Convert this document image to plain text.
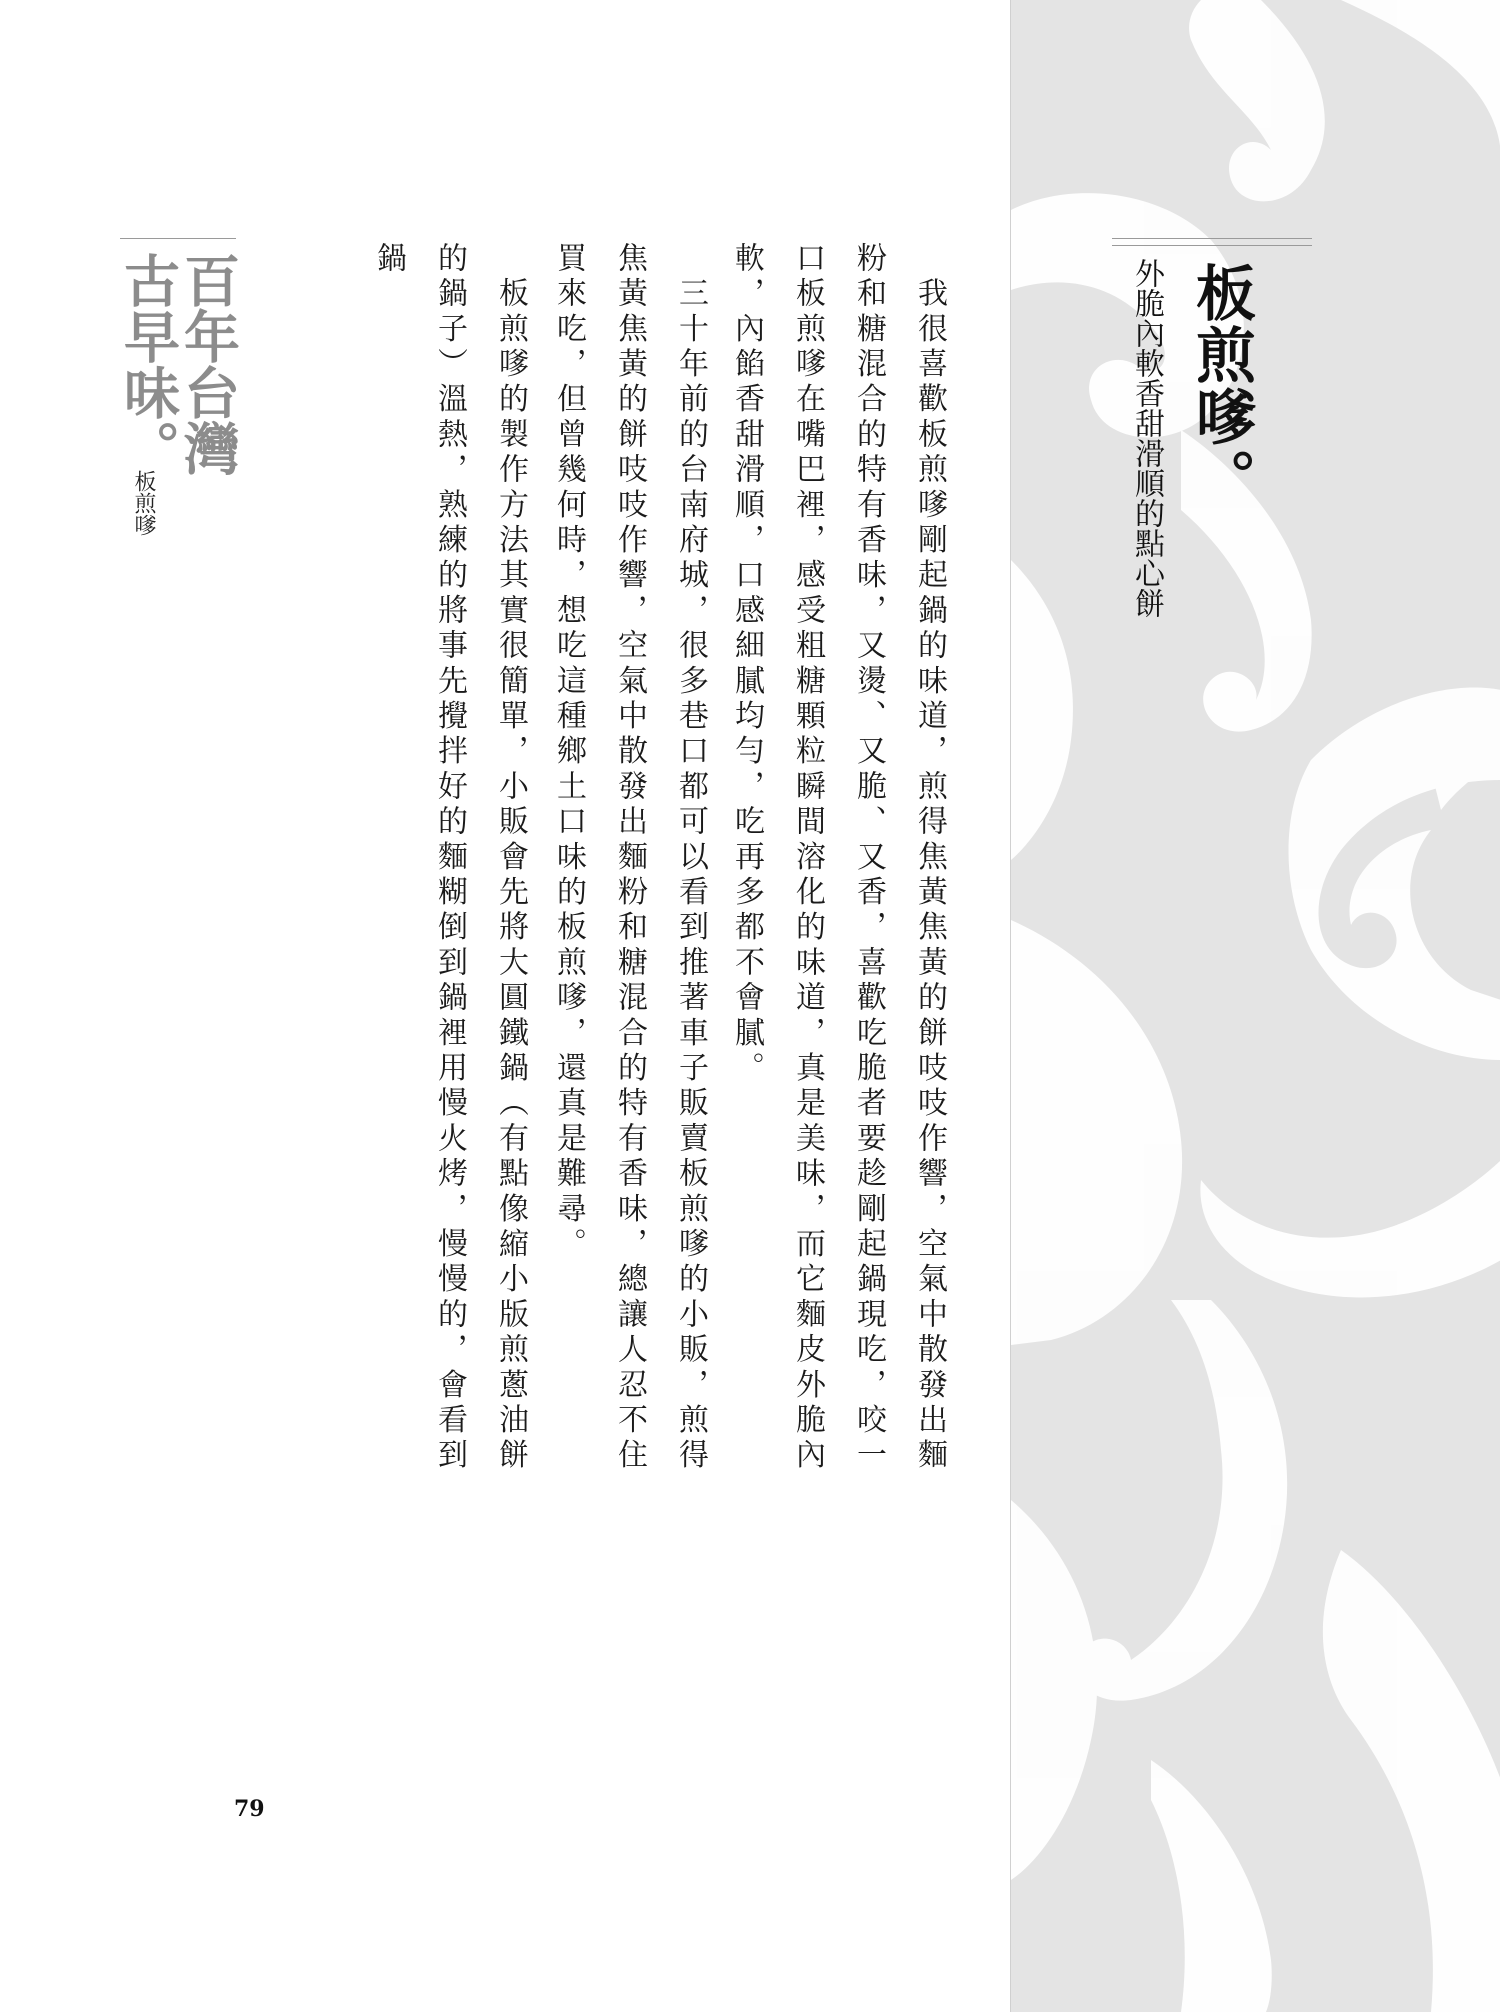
板煎嗲。
外脆內軟香甜滑順的點心餅
　我很喜歡板煎嗲剛起鍋的味道，煎得焦黃焦黃的餅吱吱作響，空氣中散發出麵粉和糖混合的特有香味，又燙、又脆、又香，喜歡吃脆者要趁剛起鍋現吃，咬一口板煎嗲在嘴巴裡，感受粗糖顆粒瞬間溶化的味道，真是美味，而它麵皮外脆內軟，內餡香甜滑順，口感細膩均勻，吃再多都不會膩。
　三十年前的台南府城，很多巷口都可以看到推著車子販賣板煎嗲的小販，煎得焦黃焦黃的餅吱吱作響，空氣中散發出麵粉和糖混合的特有香味，總讓人忍不住買來吃，但曾幾何時，想吃這種鄉土口味的板煎嗲，還真是難尋。
　板煎嗲的製作方法其實很簡單，小販會先將大圓鐵鍋（有點像縮小版煎蔥油餅的鍋子）溫熱，熟練的將事先攪拌好的麵糊倒到鍋裡用慢火烤，慢慢的，會看到鍋
百年台灣古早味。
板煎嗲
79
